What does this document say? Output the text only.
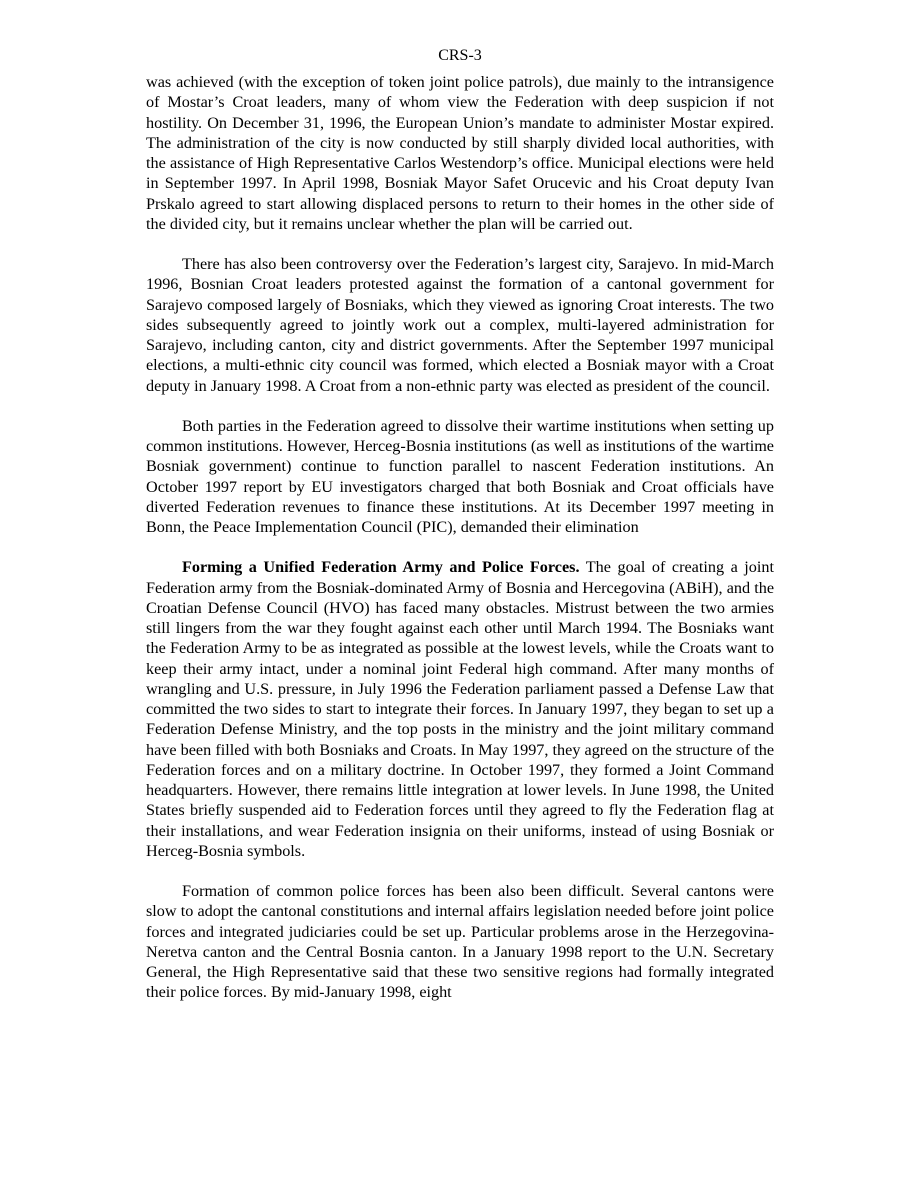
CRS-3

was achieved (with the exception of token joint police patrols), due mainly to the intransigence of Mostar’s Croat leaders, many of whom view the Federation with deep suspicion if not hostility. On December 31, 1996, the European Union’s mandate to administer Mostar expired. The administration of the city is now conducted by still sharply divided local authorities, with the assistance of High Representative Carlos Westendorp’s office. Municipal elections were held in September 1997. In April 1998, Bosniak Mayor Safet Orucevic and his Croat deputy Ivan Prskalo agreed to start allowing displaced persons to return to their homes in the other side of the divided city, but it remains unclear whether the plan will be carried out.

There has also been controversy over the Federation’s largest city, Sarajevo. In mid-March 1996, Bosnian Croat leaders protested against the formation of a cantonal government for Sarajevo composed largely of Bosniaks, which they viewed as ignoring Croat interests. The two sides subsequently agreed to jointly work out a complex, multi-layered administration for Sarajevo, including canton, city and district governments. After the September 1997 municipal elections, a multi-ethnic city council was formed, which elected a Bosniak mayor with a Croat deputy in January 1998. A Croat from a non-ethnic party was elected as president of the council.

Both parties in the Federation agreed to dissolve their wartime institutions when setting up common institutions. However, Herceg-Bosnia institutions (as well as institutions of the wartime Bosniak government) continue to function parallel to nascent Federation institutions. An October 1997 report by EU investigators charged that both Bosniak and Croat officials have diverted Federation revenues to finance these institutions. At its December 1997 meeting in Bonn, the Peace Implementation Council (PIC), demanded their elimination

Forming a Unified Federation Army and Police Forces. The goal of creating a joint Federation army from the Bosniak-dominated Army of Bosnia and Hercegovina (ABiH), and the Croatian Defense Council (HVO) has faced many obstacles. Mistrust between the two armies still lingers from the war they fought against each other until March 1994. The Bosniaks want the Federation Army to be as integrated as possible at the lowest levels, while the Croats want to keep their army intact, under a nominal joint Federal high command. After many months of wrangling and U.S. pressure, in July 1996 the Federation parliament passed a Defense Law that committed the two sides to start to integrate their forces. In January 1997, they began to set up a Federation Defense Ministry, and the top posts in the ministry and the joint military command have been filled with both Bosniaks and Croats. In May 1997, they agreed on the structure of the Federation forces and on a military doctrine. In October 1997, they formed a Joint Command headquarters. However, there remains little integration at lower levels. In June 1998, the United States briefly suspended aid to Federation forces until they agreed to fly the Federation flag at their installations, and wear Federation insignia on their uniforms, instead of using Bosniak or Herceg-Bosnia symbols.

Formation of common police forces has been also been difficult. Several cantons were slow to adopt the cantonal constitutions and internal affairs legislation needed before joint police forces and integrated judiciaries could be set up. Particular problems arose in the Herzegovina-Neretva canton and the Central Bosnia canton. In a January 1998 report to the U.N. Secretary General, the High Representative said that these two sensitive regions had formally integrated their police forces. By mid-January 1998, eight
